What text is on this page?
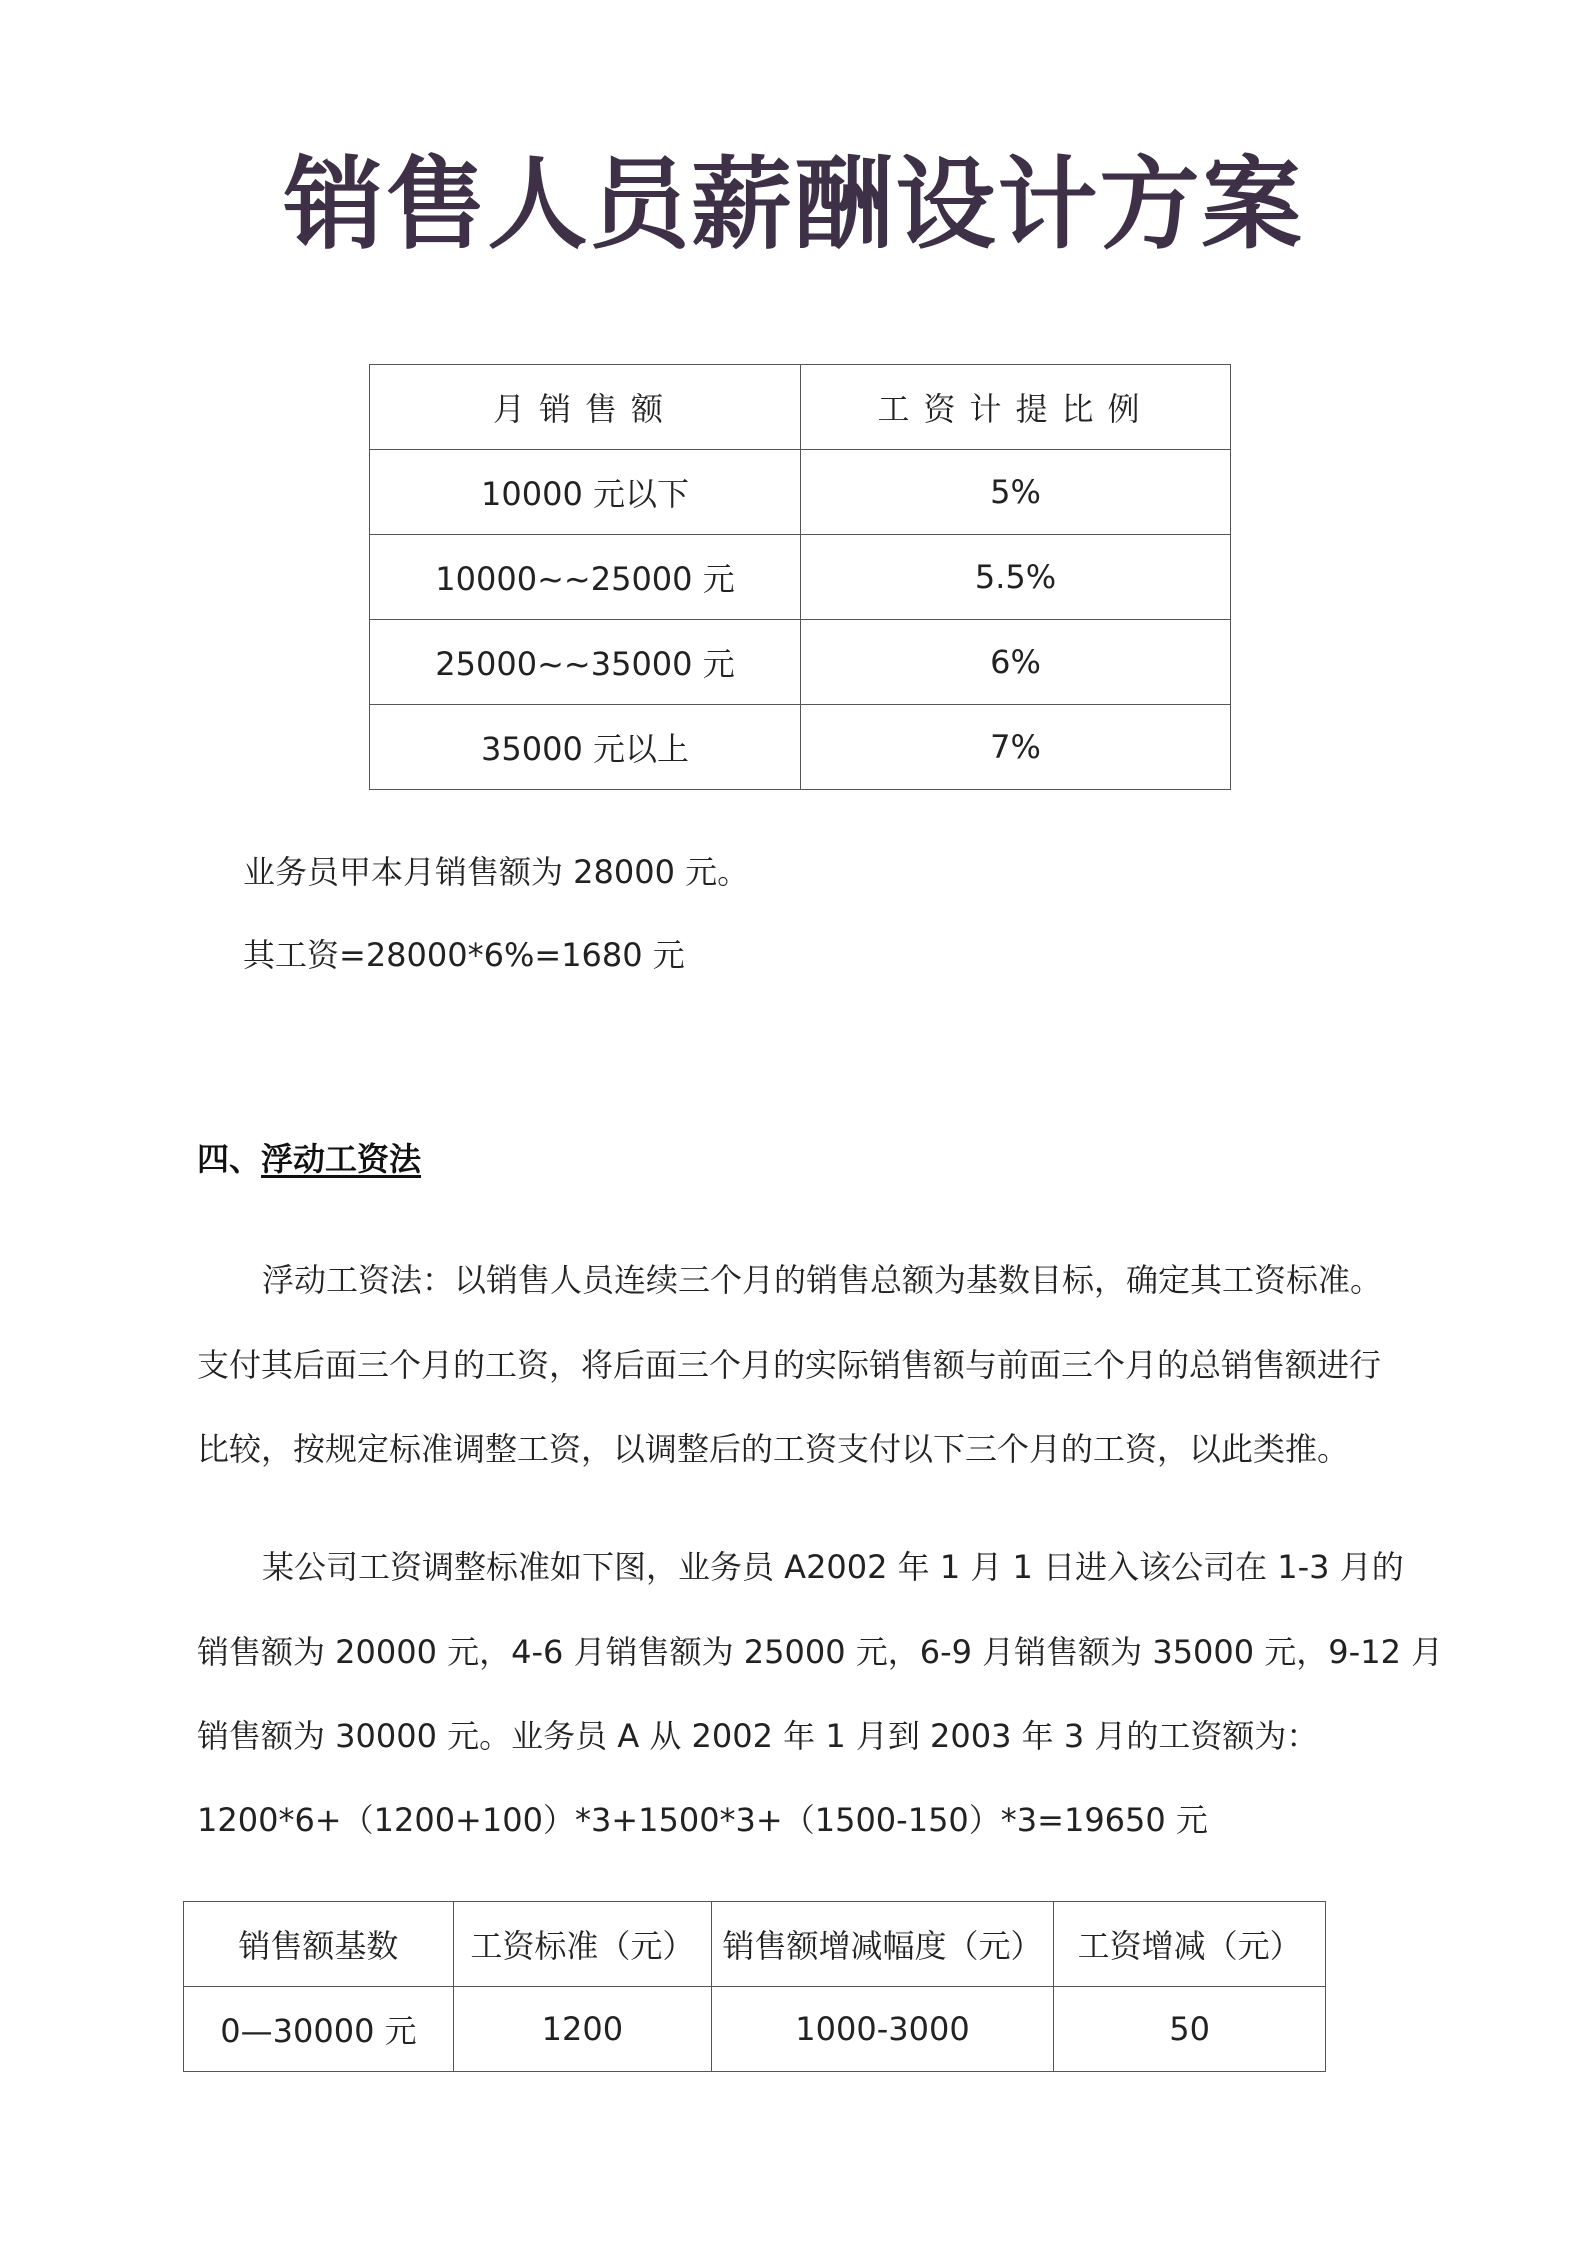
销售人员薪酬设计方案
月销售额	工资计提比例
10000 元以下	5%
10000~~25000 元	5.5%
25000~~35000 元	6%
35000 元以上	7%
业务员甲本月销售额为 28000 元。
其工资=28000*6%=1680 元
四、浮动工资法
浮动工资法：以销售人员连续三个月的销售总额为基数目标，确定其工资标准。
支付其后面三个月的工资，将后面三个月的实际销售额与前面三个月的总销售额进行
比较，按规定标准调整工资，以调整后的工资支付以下三个月的工资，以此类推。
某公司工资调整标准如下图，业务员 A2002 年 1 月 1 日进入该公司在 1-3 月的
销售额为 20000 元，4-6 月销售额为 25000 元，6-9 月销售额为 35000 元，9-12 月
销售额为 30000 元。业务员 A 从 2002 年 1 月到 2003 年 3 月的工资额为：
1200*6+（1200+100）*3+1500*3+（1500-150）*3=19650 元
销售额基数	工资标准（元）	销售额增减幅度（元）	工资增减（元）
0—30000 元	1200	1000-3000	50
